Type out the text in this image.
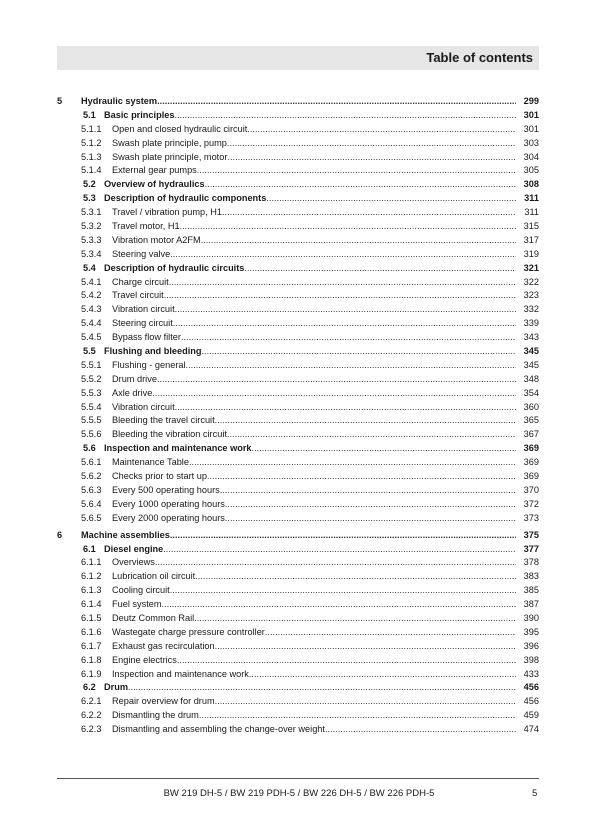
Table of contents
5 Hydraulic system .....	299
5.1 Basic principles .....	301
5.1.1 Open and closed hydraulic circuit .....	301
5.1.2 Swash plate principle, pump .....	303
5.1.3 Swash plate principle, motor .....	304
5.1.4 External gear pumps .....	305
5.2 Overview of hydraulics .....	308
5.3 Description of hydraulic components .....	311
5.3.1 Travel / vibration pump, H1 .....	311
5.3.2 Travel motor, H1 .....	315
5.3.3 Vibration motor A2FM .....	317
5.3.4 Steering valve .....	319
5.4 Description of hydraulic circuits .....	321
5.4.1 Charge circuit .....	322
5.4.2 Travel circuit .....	323
5.4.3 Vibration circuit .....	332
5.4.4 Steering circuit .....	339
5.4.5 Bypass flow filter .....	343
5.5 Flushing and bleeding .....	345
5.5.1 Flushing - general .....	345
5.5.2 Drum drive .....	348
5.5.3 Axle drive .....	354
5.5.4 Vibration circuit .....	360
5.5.5 Bleeding the travel circuit .....	365
5.5.6 Bleeding the vibration circuit .....	367
5.6 Inspection and maintenance work .....	369
5.6.1 Maintenance Table .....	369
5.6.2 Checks prior to start up .....	369
5.6.3 Every 500 operating hours .....	370
5.6.4 Every 1000 operating hours .....	372
5.6.5 Every 2000 operating hours .....	373
6 Machine assemblies .....	375
6.1 Diesel engine .....	377
6.1.1 Overviews .....	378
6.1.2 Lubrication oil circuit .....	383
6.1.3 Cooling circuit .....	385
6.1.4 Fuel system .....	387
6.1.5 Deutz Common Rail .....	390
6.1.6 Wastegate charge pressure controller .....	395
6.1.7 Exhaust gas recirculation .....	396
6.1.8 Engine electrics .....	398
6.1.9 Inspection and maintenance work .....	433
6.2 Drum .....	456
6.2.1 Repair overview for drum .....	456
6.2.2 Dismantling the drum .....	459
6.2.3 Dismantling and assembling the change-over weight .....	474
BW 219 DH-5 / BW 219 PDH-5 / BW 226 DH-5 / BW 226 PDH-5	5
